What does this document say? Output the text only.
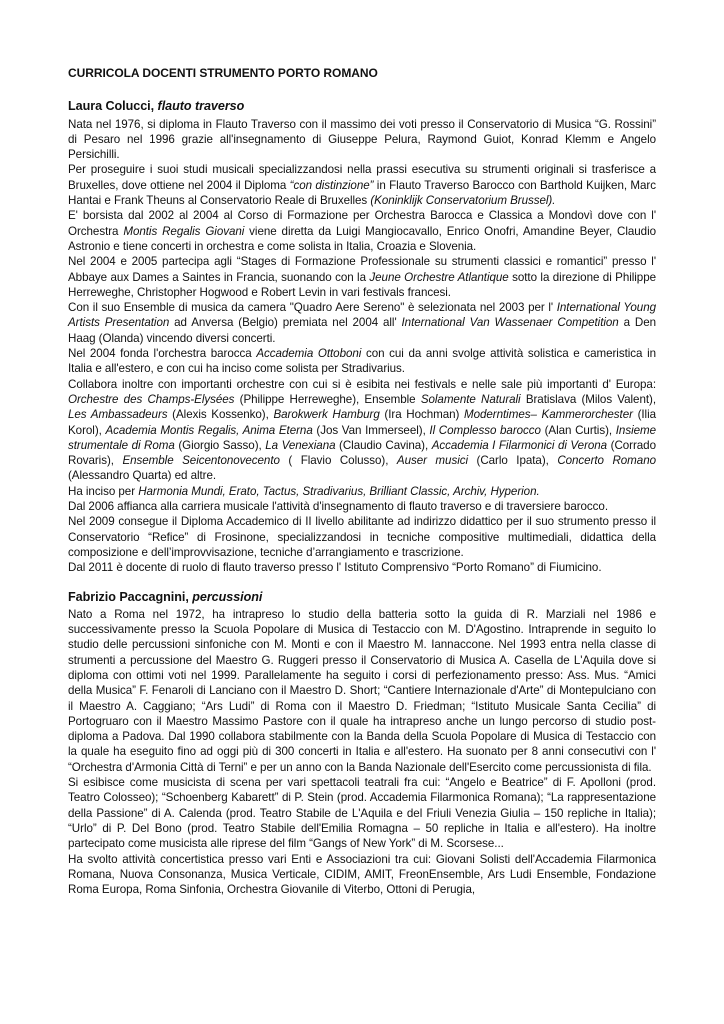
CURRICOLA DOCENTI STRUMENTO PORTO ROMANO
Laura Colucci, flauto traverso

Nata nel 1976, si diploma in Flauto Traverso con il massimo dei voti presso il Conservatorio di Musica “G. Rossini” di Pesaro nel 1996 grazie all'insegnamento di Giuseppe Pelura, Raymond Guiot, Konrad Klemm e Angelo Persichilli.

Per proseguire i suoi studi musicali specializzandosi nella prassi esecutiva su strumenti originali si trasferisce a Bruxelles, dove ottiene nel 2004 il Diploma “con distinzione” in Flauto Traverso Barocco con Barthold Kuijken, Marc Hantai e Frank Theuns al Conservatorio Reale di Bruxelles (Koninklijk Conservatorium Brussel).

E' borsista dal 2002 al 2004 al Corso di Formazione per Orchestra Barocca e Classica a Mondovì dove con l' Orchestra Montis Regalis Giovani viene diretta da Luigi Mangiocavallo, Enrico Onofri, Amandine Beyer, Claudio Astronio e tiene concerti in orchestra e come solista in Italia, Croazia e Slovenia.

Nel 2004 e 2005 partecipa agli “Stages di Formazione Professionale su strumenti classici e romantici” presso l' Abbaye aux Dames a Saintes in Francia, suonando con la Jeune Orchestre Atlantique sotto la direzione di Philippe Herreweghe, Christopher Hogwood e Robert Levin in vari festivals francesi.

Con il suo Ensemble di musica da camera "Quadro Aere Sereno" è selezionata nel 2003 per l' International Young Artists Presentation ad Anversa (Belgio) premiata nel 2004 all' International Van Wassenaer Competition a Den Haag (Olanda) vincendo diversi concerti.

Nel 2004 fonda l'orchestra barocca Accademia Ottoboni con cui da anni svolge attività solistica e cameristica in Italia e all'estero, e con cui ha inciso come solista per Stradivarius.

Collabora inoltre con importanti orchestre con cui si è esibita nei festivals e nelle sale più importanti d' Europa: Orchestre des Champs-Elysées (Philippe Herreweghe), Ensemble Solamente Naturali Bratislava (Milos Valent), Les Ambassadeurs (Alexis Kossenko), Barokwerk Hamburg (Ira Hochman) Moderntimes– Kammerorchester (Ilia Korol), Academia Montis Regalis, Anima Eterna (Jos Van Immerseel), Il Complesso barocco (Alan Curtis), Insieme strumentale di Roma (Giorgio Sasso), La Venexiana (Claudio Cavina), Accademia I Filarmonici di Verona (Corrado Rovaris), Ensemble Seicentonovecento ( Flavio Colusso), Auser musici (Carlo Ipata), Concerto Romano (Alessandro Quarta) ed altre.

Ha inciso per Harmonia Mundi, Erato, Tactus, Stradivarius, Brilliant Classic, Archiv, Hyperion.

Dal 2006 affianca alla carriera musicale l'attività d'insegnamento di flauto traverso e di traversiere barocco.

Nel 2009 consegue il Diploma Accademico di II livello abilitante ad indirizzo didattico per il suo strumento presso il Conservatorio “Refice” di Frosinone, specializzandosi in tecniche compositive multimediali, didattica della composizione e dell’improvvisazione, tecniche d’arrangiamento e trascrizione.

Dal 2011 è docente di ruolo di flauto traverso presso l' Istituto Comprensivo “Porto Romano” di Fiumicino.

Fabrizio Paccagnini, percussioni

Nato a Roma nel 1972, ha intrapreso lo studio della batteria sotto la guida di R. Marziali nel 1986 e successivamente presso la Scuola Popolare di Musica di Testaccio con M. D'Agostino. Intraprende in seguito lo studio delle percussioni sinfoniche con M. Monti e con il Maestro M. Iannaccone. Nel 1993 entra nella classe di strumenti a percussione del Maestro G. Ruggeri presso il Conservatorio di Musica A. Casella de L'Aquila dove si diploma con ottimi voti nel 1999. Parallelamente ha seguito i corsi di perfezionamento presso: Ass. Mus. “Amici della Musica” F. Fenaroli di Lanciano con il Maestro D. Short; “Cantiere Internazionale d'Arte” di Montepulciano con il Maestro A. Caggiano; “Ars Ludi” di Roma con il Maestro D. Friedman; “Istituto Musicale Santa Cecilia” di Portogruaro con il Maestro Massimo Pastore con il quale ha intrapreso anche un lungo percorso di studio post-diploma a Padova. Dal 1990 collabora stabilmente con la Banda della Scuola Popolare di Musica di Testaccio con la quale ha eseguito fino ad oggi più di 300 concerti in Italia e all'estero. Ha suonato per 8 anni consecutivi con l' “Orchestra d'Armonia Città di Terni” e per un anno con la Banda Nazionale dell'Esercito come percussionista di fila.

Si esibisce come musicista di scena per vari spettacoli teatrali fra cui: “Angelo e Beatrice” di F. Apolloni (prod. Teatro Colosseo); “Schoenberg Kabarett” di P. Stein (prod. Accademia Filarmonica Romana); “La rappresentazione della Passione” di A. Calenda (prod. Teatro Stabile de L'Aquila e del Friuli Venezia Giulia – 150 repliche in Italia); “Urlo” di P. Del Bono (prod. Teatro Stabile dell'Emilia Romagna – 50 repliche in Italia e all'estero). Ha inoltre partecipato come musicista alle riprese del film “Gangs of New York” di M. Scorsese...

Ha svolto attività concertistica presso vari Enti e Associazioni tra cui: Giovani Solisti dell'Accademia Filarmonica Romana, Nuova Consonanza, Musica Verticale, CIDIM, AMIT, FreonEnsemble, Ars Ludi Ensemble, Fondazione Roma Europa, Roma Sinfonia, Orchestra Giovanile di Viterbo, Ottoni di Perugia,
